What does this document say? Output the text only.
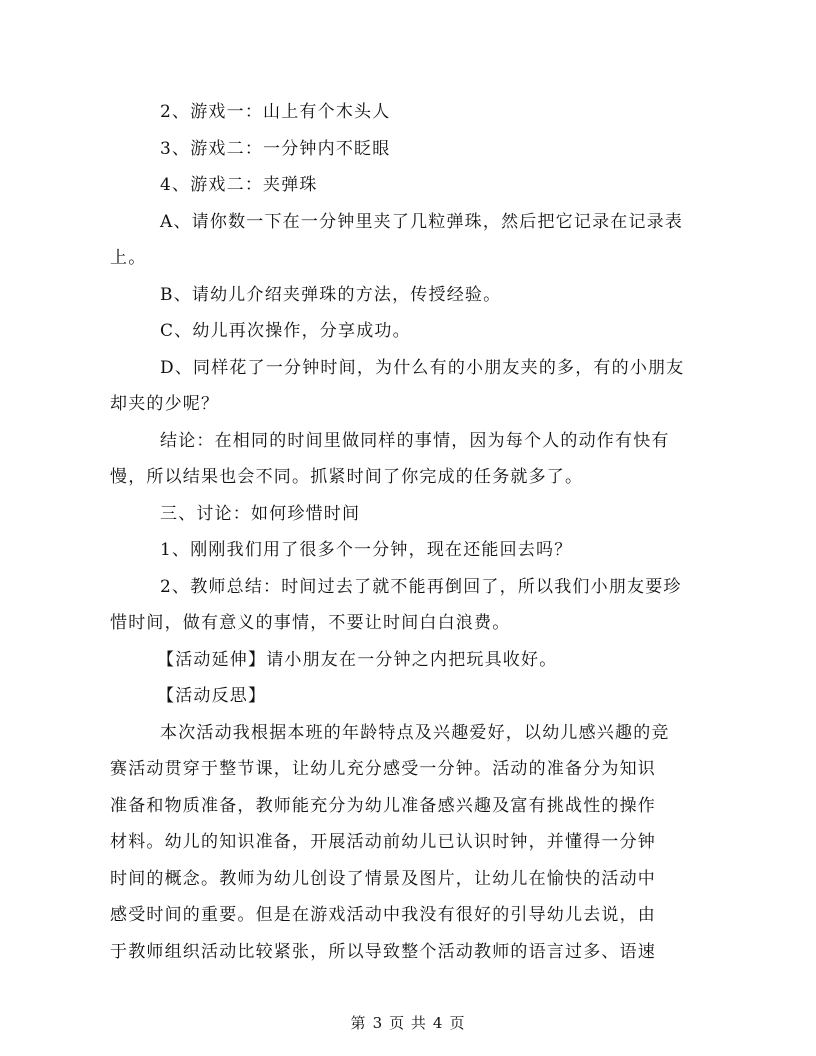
2、游戏一：山上有个木头人
3、游戏二：一分钟内不眨眼
4、游戏二：夹弹珠
A、请你数一下在一分钟里夹了几粒弹珠，然后把它记录在记录表
上。
B、请幼儿介绍夹弹珠的方法，传授经验。
C、幼儿再次操作，分享成功。
D、同样花了一分钟时间，为什么有的小朋友夹的多，有的小朋友
却夹的少呢？
结论：在相同的时间里做同样的事情，因为每个人的动作有快有
慢，所以结果也会不同。抓紧时间了你完成的任务就多了。
三、讨论：如何珍惜时间
1、刚刚我们用了很多个一分钟，现在还能回去吗？
2、教师总结：时间过去了就不能再倒回了，所以我们小朋友要珍
惜时间，做有意义的事情，不要让时间白白浪费。
【活动延伸】请小朋友在一分钟之内把玩具收好。
【活动反思】
本次活动我根据本班的年龄特点及兴趣爱好，以幼儿感兴趣的竞
赛活动贯穿于整节课，让幼儿充分感受一分钟。活动的准备分为知识
准备和物质准备，教师能充分为幼儿准备感兴趣及富有挑战性的操作
材料。幼儿的知识准备，开展活动前幼儿已认识时钟，并懂得一分钟
时间的概念。教师为幼儿创设了情景及图片，让幼儿在愉快的活动中
感受时间的重要。但是在游戏活动中我没有很好的引导幼儿去说，由
于教师组织活动比较紧张，所以导致整个活动教师的语言过多、语速
第 3 页 共 4 页
